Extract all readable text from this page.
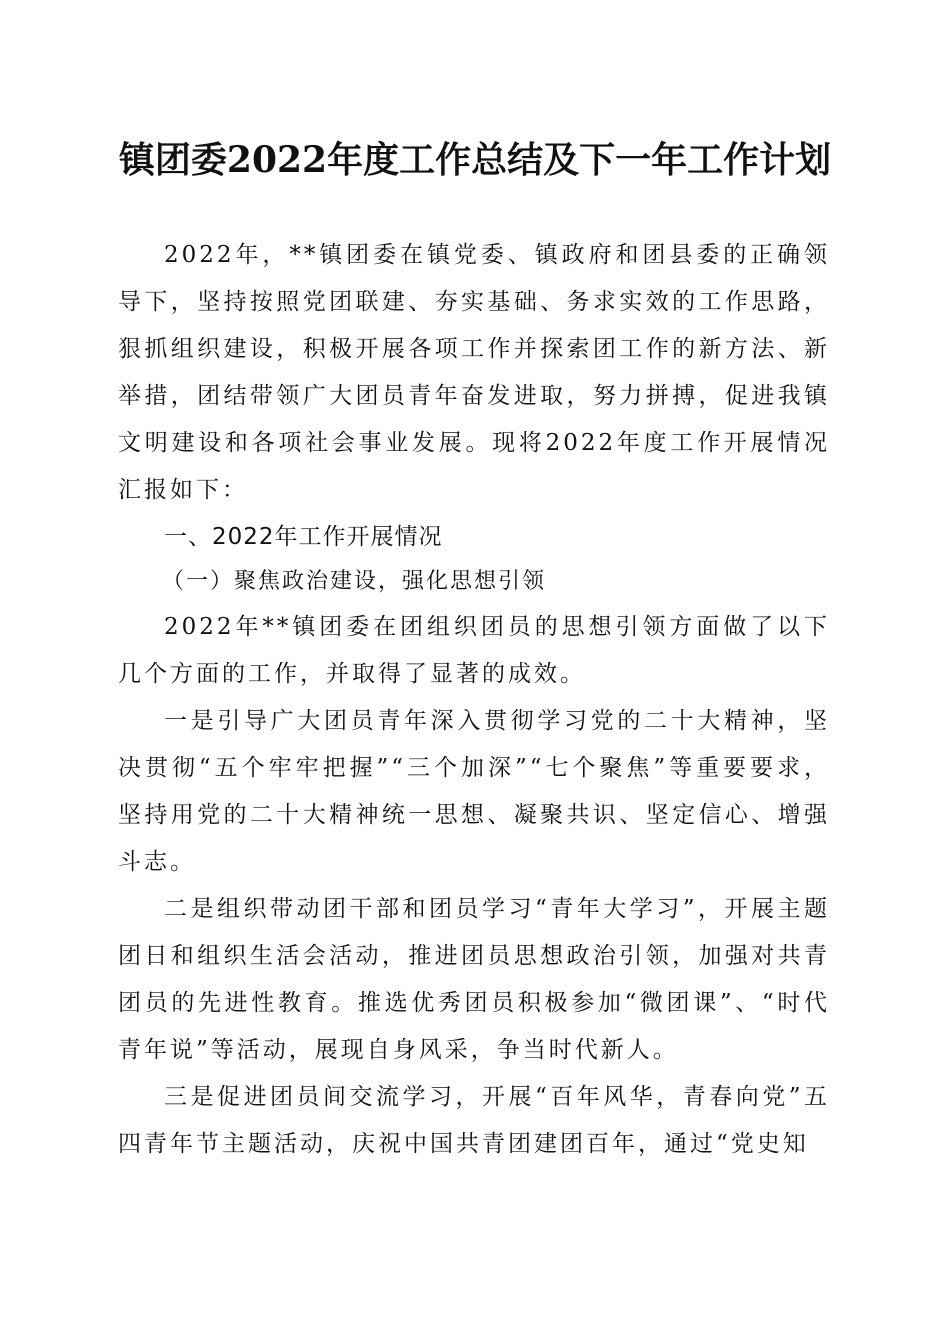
镇团委2022年度工作总结及下一年工作计划

2022年，**镇团委在镇党委、镇政府和团县委的正确领导下，坚持按照党团联建、夯实基础、务求实效的工作思路，狠抓组织建设，积极开展各项工作并探索团工作的新方法、新举措，团结带领广大团员青年奋发进取，努力拼搏，促进我镇文明建设和各项社会事业发展。现将2022年度工作开展情况汇报如下：

一、2022年工作开展情况

（一）聚焦政治建设，强化思想引领

2022年**镇团委在团组织团员的思想引领方面做了以下几个方面的工作，并取得了显著的成效。

一是引导广大团员青年深入贯彻学习党的二十大精神，坚决贯彻“五个牢牢把握”“三个加深”“七个聚焦”等重要要求，坚持用党的二十大精神统一思想、凝聚共识、坚定信心、增强斗志。

二是组织带动团干部和团员学习“青年大学习”，开展主题团日和组织生活会活动，推进团员思想政治引领，加强对共青团员的先进性教育。推选优秀团员积极参加“微团课”、“时代青年说”等活动，展现自身风采，争当时代新人。

三是促进团员间交流学习，开展“百年风华，青春向党”五四青年节主题活动，庆祝中国共青团建团百年，通过“党史知
